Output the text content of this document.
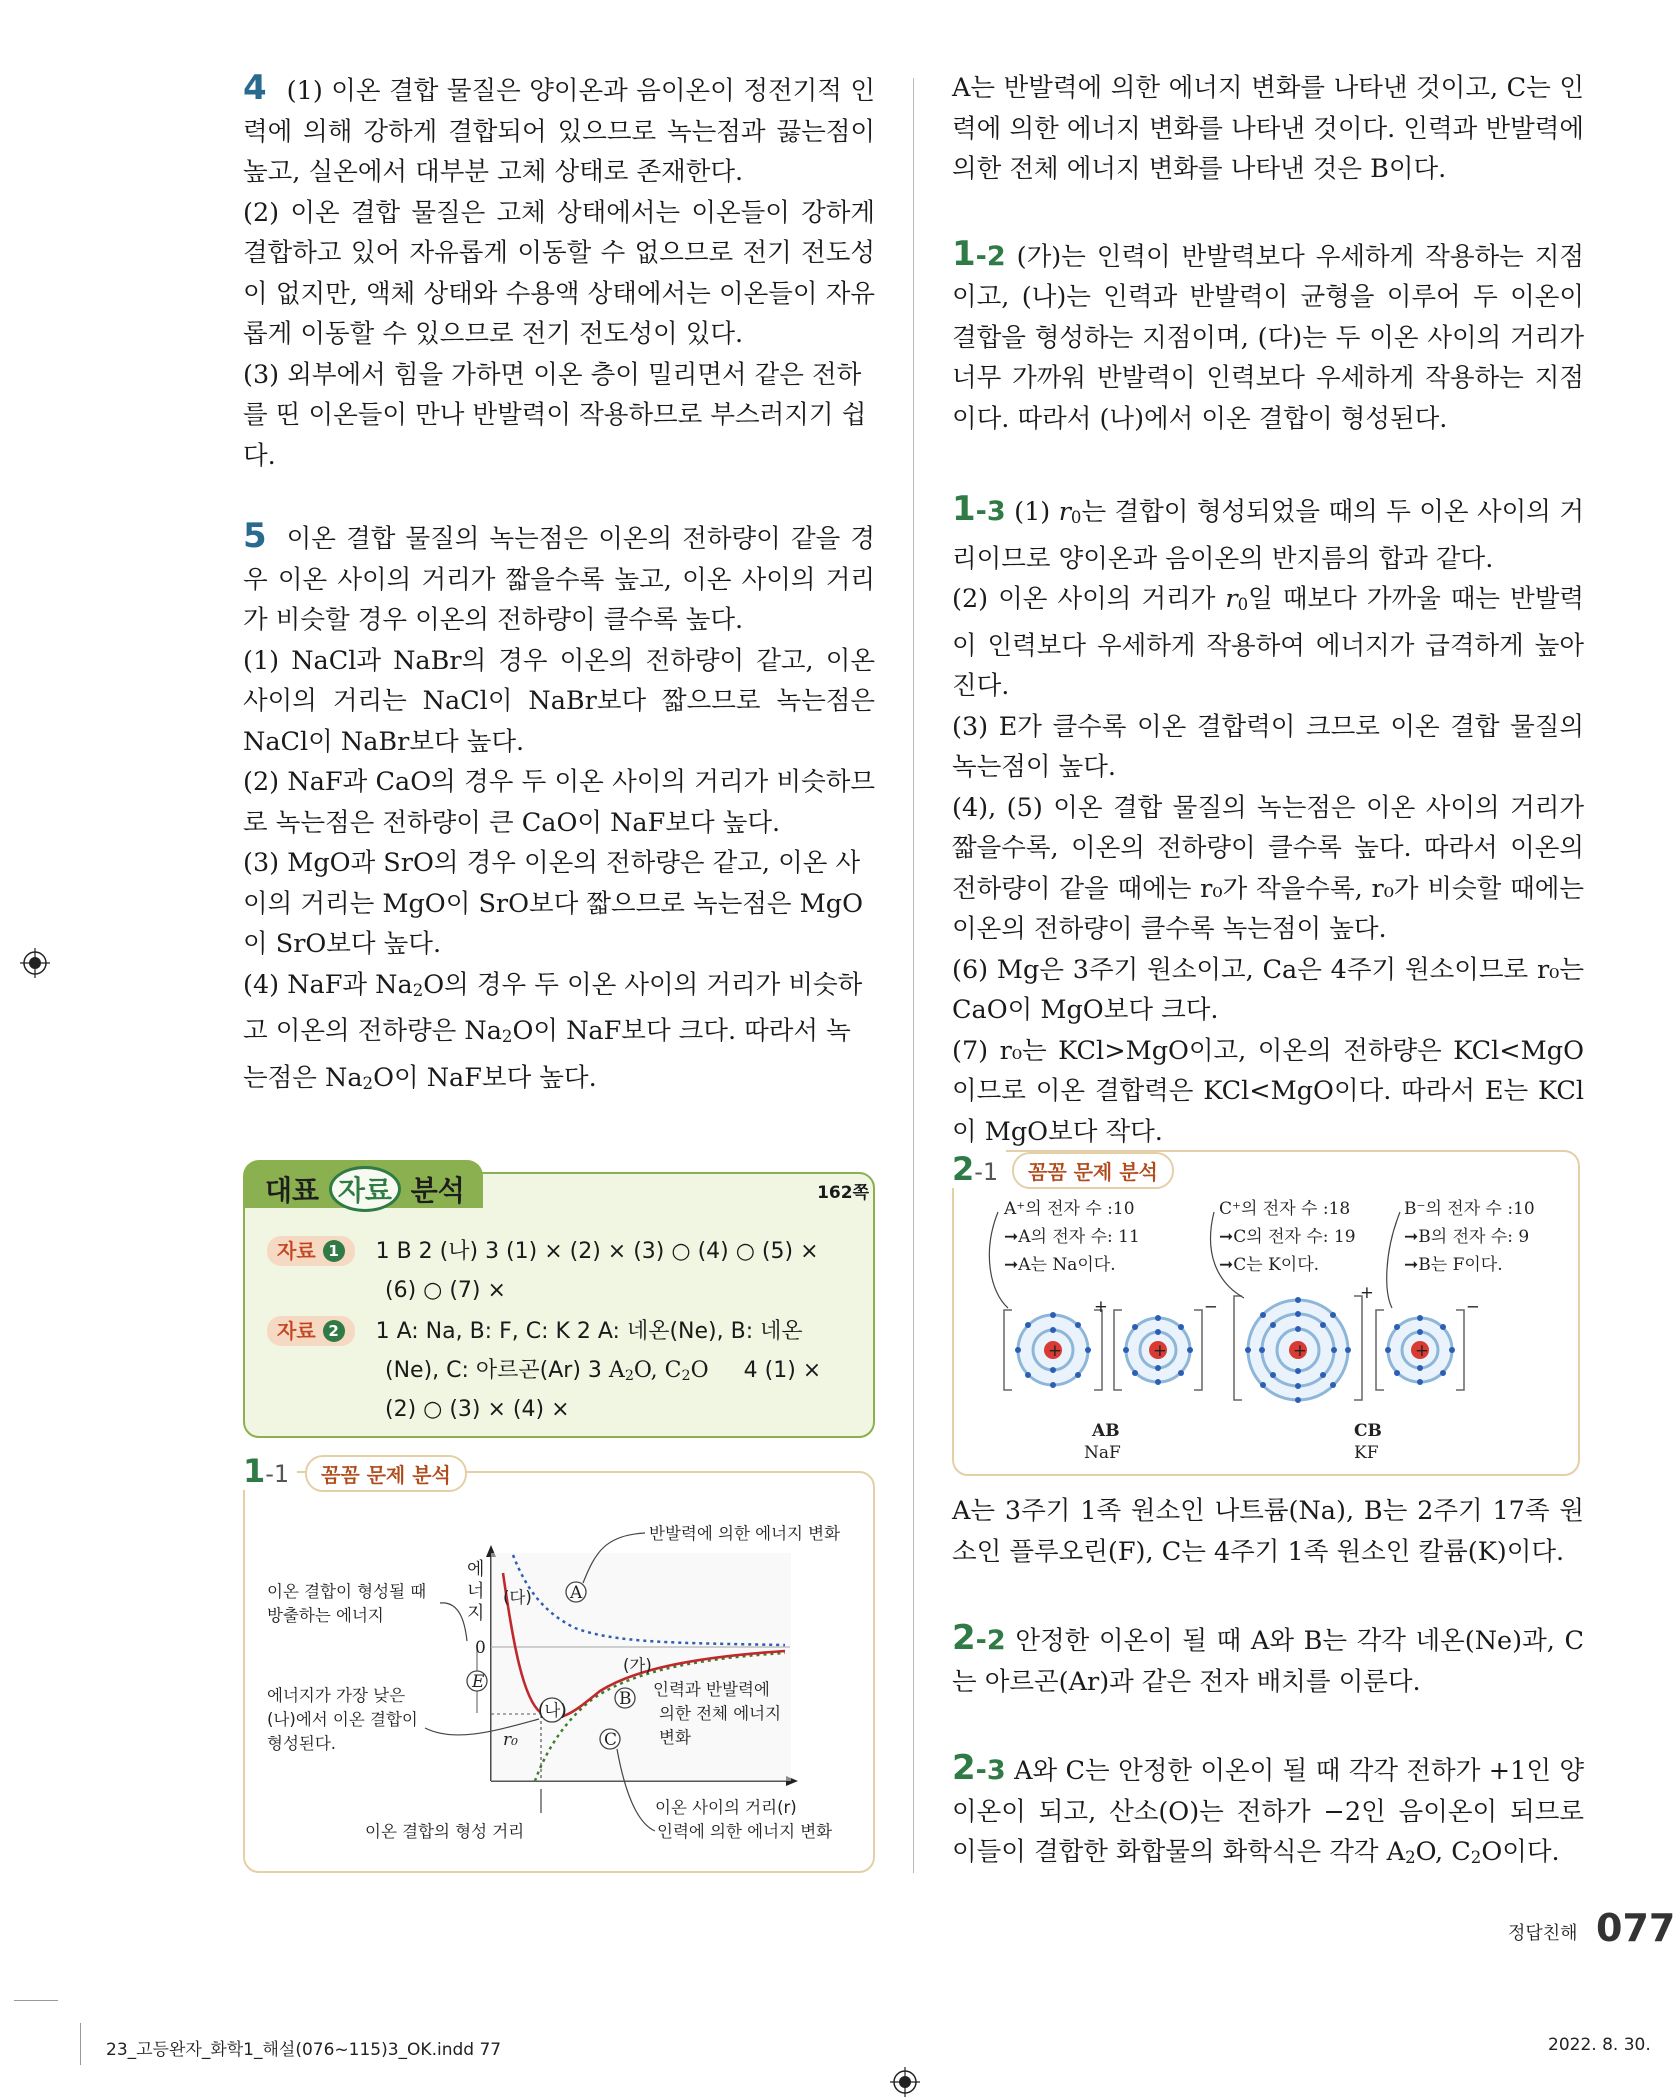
4 (1) 이온 결합 물질은 양이온과 음이온이 정전기적 인력에 의해 강하게 결합되어 있으므로 녹는점과 끓는점이 높고, 실온에서 대부분 고체 상태로 존재한다.

(2) 이온 결합 물질은 고체 상태에서는 이온들이 강하게 결합하고 있어 자유롭게 이동할 수 없으므로 전기 전도성이 없지만, 액체 상태와 수용액 상태에서는 이온들이 자유롭게 이동할 수 있으므로 전기 전도성이 있다.

(3) 외부에서 힘을 가하면 이온 층이 밀리면서 같은 전하를 띤 이온들이 만나 반발력이 작용하므로 부스러지기 쉽다.

5 이온 결합 물질의 녹는점은 이온의 전하량이 같을 경우 이온 사이의 거리가 짧을수록 높고, 이온 사이의 거리가 비슷할 경우 이온의 전하량이 클수록 높다.

(1) NaCl과 NaBr의 경우 이온의 전하량이 같고, 이온 사이의 거리는 NaCl이 NaBr보다 짧으므로 녹는점은 NaCl이 NaBr보다 높다.

(2) NaF과 CaO의 경우 두 이온 사이의 거리가 비슷하므로 녹는점은 전하량이 큰 CaO이 NaF보다 높다.

(3) MgO과 SrO의 경우 이온의 전하량은 같고, 이온 사이의 거리는 MgO이 SrO보다 짧으므로 녹는점은 MgO이 SrO보다 높다.

(4) NaF과 $Na_2O$의 경우 두 이온 사이의 거리가 비슷하고 이온의 전하량은 $Na_2O$이 NaF보다 크다. 따라서 녹는점은 $Na_2O$이 NaF보다 높다.

자료 1 1 B 2 (나) 3 (1) × (2) × (3) ○ (4) ○ (5) ×
(6) ○ (7) ×
자료 2 1 A: Na, B: F, C: K 2 A: 네온(Ne), B: 네온
(Ne), C: 아르곤(Ar) 3 $A_2O$, $C_2O$ 4 (1) ×
(2) ○ (3) × (4) ×
대표 자료 분석	162쪽
에
너
지
0
E
r₀
(다)
(나)
(가)
A
B
C
반발력에 의한 에너지 변화
이온 결합이 형성될 때
방출하는 에너지
에너지가 가장 낮은
(나)에서 이온 결합이
형성된다.
인력과 반발력에
의한 전체 에너지
변화
이온 사이의 거리(r)
인력에 의한 에너지 변화
이온 결합의 형성 거리
1-1	꼼꼼 문제 분석

A는 반발력에 의한 에너지 변화를 나타낸 것이고, C는 인력에 의한 에너지 변화를 나타낸 것이다. 인력과 반발력에 의한 전체 에너지 변화를 나타낸 것은 B이다.

1-2 (가)는 인력이 반발력보다 우세하게 작용하는 지점이고, (나)는 인력과 반발력이 균형을 이루어 두 이온이 결합을 형성하는 지점이며, (다)는 두 이온 사이의 거리가 너무 가까워 반발력이 인력보다 우세하게 작용하는 지점이다. 따라서 (나)에서 이온 결합이 형성된다.

1-3 (1) $r_0$는 결합이 형성되었을 때의 두 이온 사이의 거리이므로 양이온과 음이온의 반지름의 합과 같다.

(2) 이온 사이의 거리가 $r_0$일 때보다 가까울 때는 반발력이 인력보다 우세하게 작용하여 에너지가 급격하게 높아진다.

(3) E가 클수록 이온 결합력이 크므로 이온 결합 물질의 녹는점이 높다.

(4), (5) 이온 결합 물질의 녹는점은 이온 사이의 거리가 짧을수록, 이온의 전하량이 클수록 높다. 따라서 이온의 전하량이 같을 때에는 r₀가 작을수록, r₀가 비슷할 때에는 이온의 전하량이 클수록 녹는점이 높다.

(6) Mg은 3주기 원소이고, Ca은 4주기 원소이므로 r₀는 CaO이 MgO보다 크다.

(7) r₀는 KCl>MgO이고, 이온의 전하량은 KCl<MgO이므로 이온 결합력은 KCl<MgO이다. 따라서 E는 KCl이 MgO보다 작다.

A⁺의 전자 수 :10
➞A의 전자 수: 11
➞A는 Na이다.
C⁺의 전자 수 :18
➞C의 전자 수: 19
➞C는 K이다.
B⁻의 전자 수 :10
➞B의 전자 수: 9
➞B는 F이다.
+
+
−
+
+
+
−
+
AB
NaF
CB
KF
2-1	꼼꼼 문제 분석

A는 3주기 1족 원소인 나트륨(Na), B는 2주기 17족 원소인 플루오린(F), C는 4주기 1족 원소인 칼륨(K)이다.

2-2 안정한 이온이 될 때 A와 B는 각각 네온(Ne)과, C는 아르곤(Ar)과 같은 전자 배치를 이룬다.

2-3 A와 C는 안정한 이온이 될 때 각각 전하가 +1인 양이온이 되고, 산소(O)는 전하가 −2인 음이온이 되므로 이들이 결합한 화합물의 화학식은 각각 $A_2O$, $C_2O$이다.

정답친해 077
23_고등완자_화학1_해설(076~115)3_OK.indd 77	2022. 8. 30.
